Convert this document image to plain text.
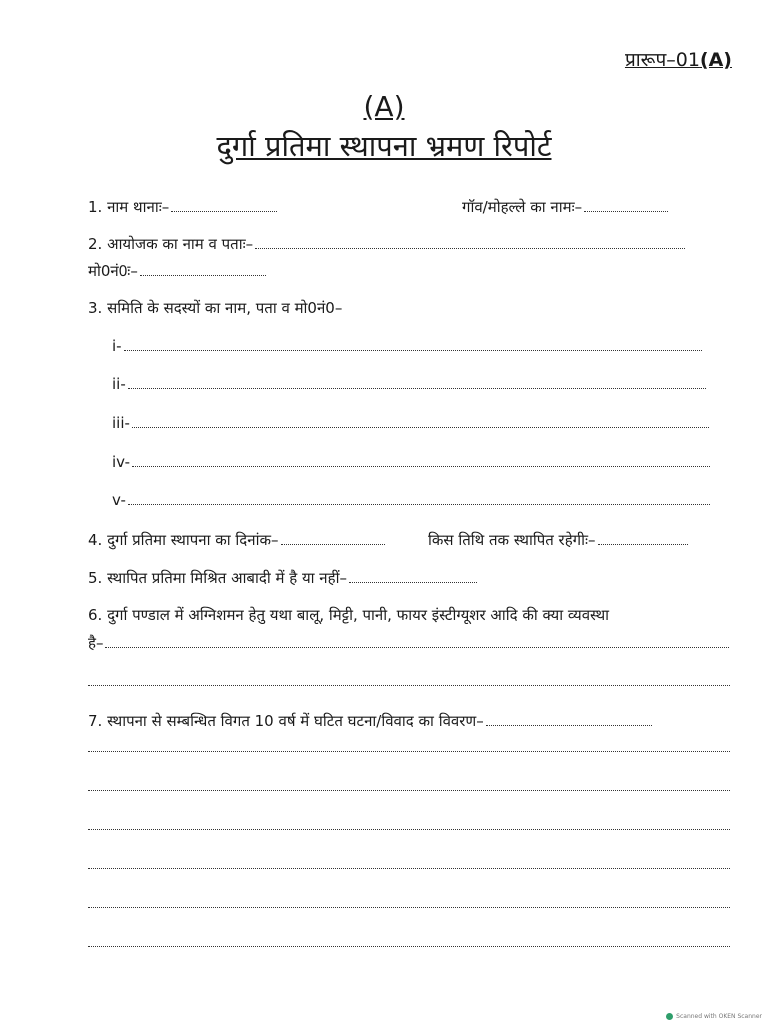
प्रारूप–01(A)
(A)
दुर्गा प्रतिमा स्थापना भ्रमण रिपोर्ट
1. नाम थानाः–	गॉव/मोहल्ले का नामः–
2. आयोजक का नाम व पताः–
मो0नं0ः–
3. समिति के सदस्यों का नाम, पता व मो0नं0–
i-
ii-
iii-
iv-
v-
4. दुर्गा प्रतिमा स्थापना का दिनांक–	किस तिथि तक स्थापित रहेगीः–
5. स्थापित प्रतिमा मिश्रित आबादी में है या नहीं–
6. दुर्गा पण्डाल में अग्निशमन हेतु यथा बालू, मिट्टी, पानी, फायर इंस्टीग्यूशर आदि की क्या व्यवस्था
है–
7. स्थापना से सम्बन्धित विगत 10 वर्ष में घटित घटना/विवाद का विवरण–
Scanned with OKEN Scanner
